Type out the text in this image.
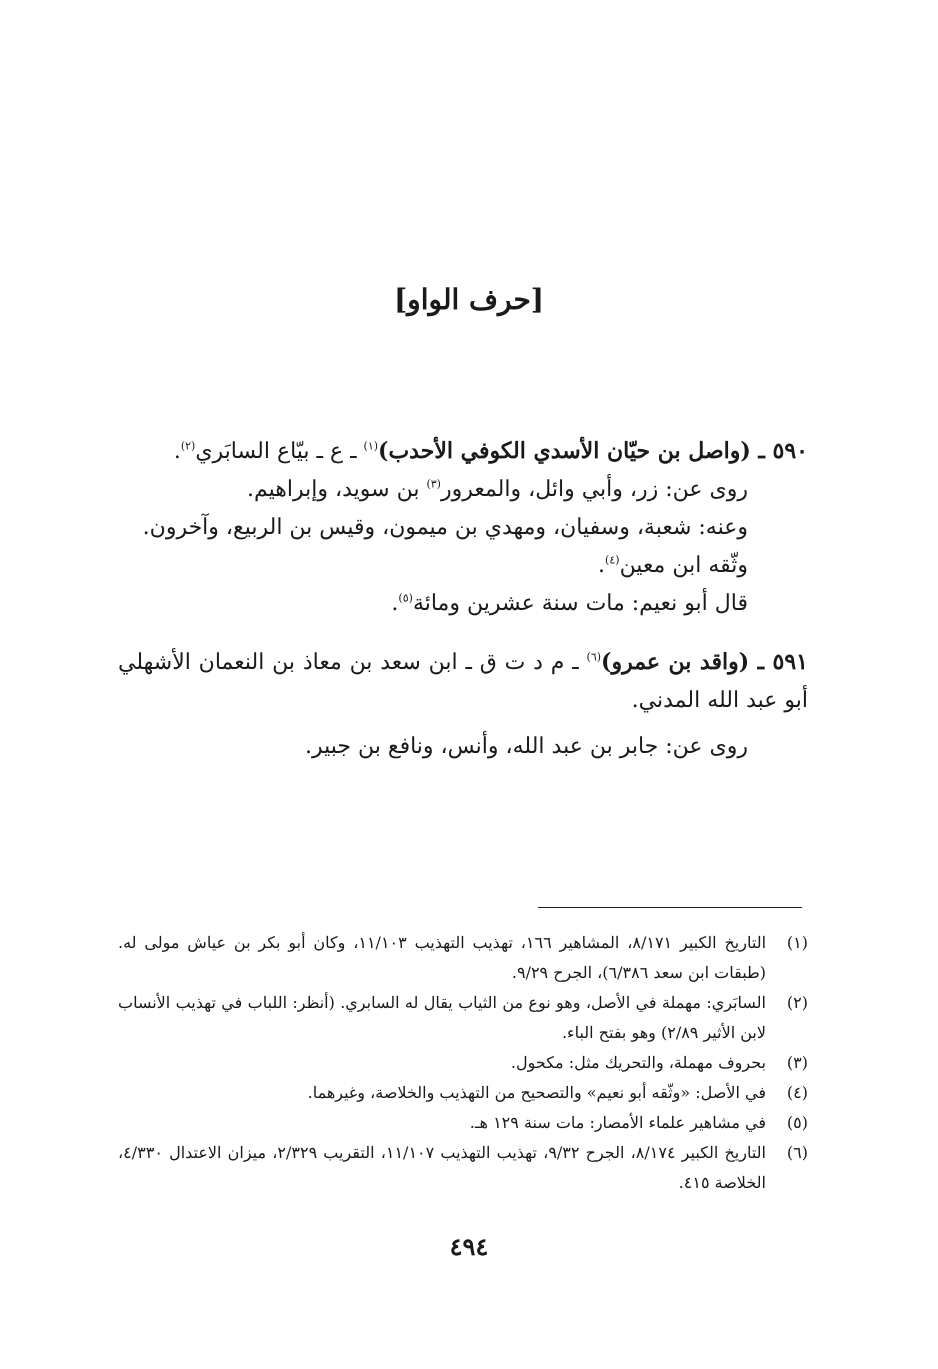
[حرف الواو]

٥٩٠ ـ (واصل بن حيّان الأسدي الكوفي الأحدب)$^{(١)}$ ـ ع ـ بيّاع السابَري$^{(٢)}$.

روى عن: زر، وأبي وائل، والمعرور$^{(٣)}$ بن سويد، وإبراهيم.

وعنه: شعبة، وسفيان، ومهدي بن ميمون، وقيس بن الربيع، وآخرون.

وثّقه ابن معين$^{(٤)}$.

قال أبو نعيم: مات سنة عشرين ومائة$^{(٥)}$.

٥٩١ ـ (واقد بن عمرو)$^{(٦)}$ ـ م د ت ق ـ ابن سعد بن معاذ بن النعمان الأشهلي أبو عبد الله المدني.

روى عن: جابر بن عبد الله، وأنس، ونافع بن جبير.

(١)
التاريخ الكبير ٨/١٧١، المشاهير ١٦٦، تهذيب التهذيب ١١/١٠٣، وكان أبو بكر بن عياش مولى له. (طبقات ابن سعد ٦/٣٨٦)، الجرح ٩/٢٩.

(٢)
السابَري: مهملة في الأصل، وهو نوع من الثياب يقال له السابري. (أنظر: اللباب في تهذيب الأنساب لابن الأثير ٢/٨٩) وهو بفتح الباء.

(٣)
بحروف مهملة، والتحريك مثل: مكحول.

(٤)
في الأصل: «وثّقه أبو نعيم» والتصحيح من التهذيب والخلاصة، وغيرهما.

(٥)
في مشاهير علماء الأمصار: مات سنة ١٢٩ هـ.

(٦)
التاريخ الكبير ٨/١٧٤، الجرح ٩/٣٢، تهذيب التهذيب ١١/١٠٧، التقريب ٢/٣٢٩، ميزان الاعتدال ٤/٣٣٠، الخلاصة ٤١٥.

٤٩٤
